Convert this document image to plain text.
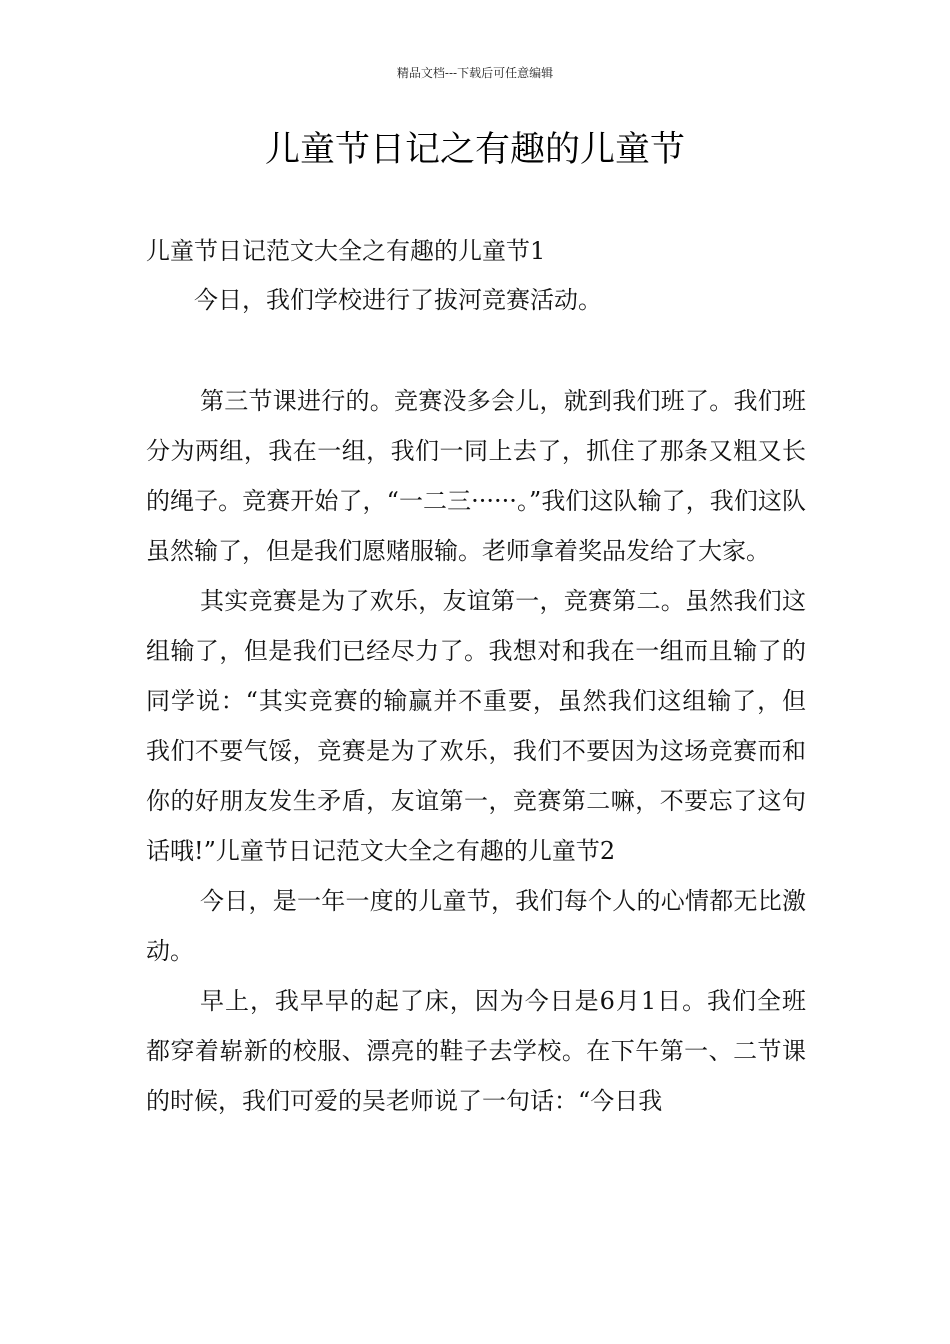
精品文档---下载后可任意编辑
儿童节日记之有趣的儿童节
儿童节日记范文大全之有趣的儿童节1
今日，我们学校进行了拔河竞赛活动。

第三节课进行的。竞赛没多会儿，就到我们班了。我们班分为两组，我在一组，我们一同上去了，抓住了那条又粗又长的绳子。竞赛开始了，“一二三······。”我们这队输了，我们这队虽然输了，但是我们愿赌服输。老师拿着奖品发给了大家。

其实竞赛是为了欢乐，友谊第一，竞赛第二。虽然我们这组输了，但是我们已经尽力了。我想对和我在一组而且输了的同学说：“其实竞赛的输赢并不重要，虽然我们这组输了，但我们不要气馁，竞赛是为了欢乐，我们不要因为这场竞赛而和你的好朋友发生矛盾，友谊第一，竞赛第二嘛，不要忘了这句话哦!”儿童节日记范文大全之有趣的儿童节2

今日，是一年一度的儿童节，我们每个人的心情都无比激动。

早上，我早早的起了床，因为今日是6月1日。我们全班都穿着崭新的校服、漂亮的鞋子去学校。在下午第一、二节课的时候，我们可爱的吴老师说了一句话：“今日我
